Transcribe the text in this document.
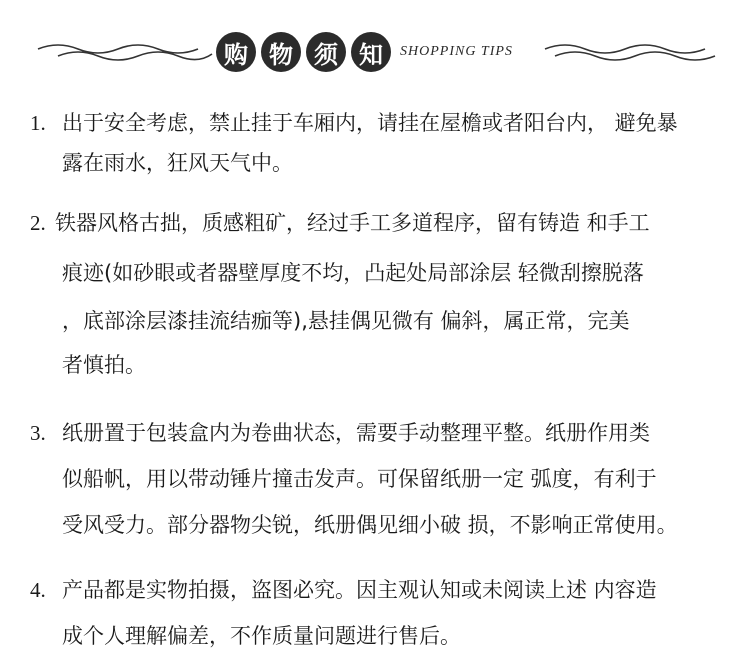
购 物 须 知	SHOPPING TIPS
1. 出于安全考虑，禁止挂于车厢内，请挂在屋檐或者阳台内， 避免暴
露在雨水，狂风天气中。
2. 铁器风格古拙，质感粗矿，经过手工多道程序，留有铸造 和手工
痕迹(如砂眼或者器壁厚度不均，凸起处局部涂层 轻微刮擦脱落
，底部涂层漆挂流结痂等),悬挂偶见微有 偏斜，属正常，完美
者慎拍。
3. 纸册置于包装盒内为卷曲状态，需要手动整理平整。纸册作用类
似船帆，用以带动锤片撞击发声。可保留纸册一定 弧度，有利于
受风受力。部分器物尖锐，纸册偶见细小破 损，不影响正常使用。
4. 产品都是实物拍摄，盗图必究。因主观认知或未阅读上述 内容造
成个人理解偏差，不作质量问题进行售后。
